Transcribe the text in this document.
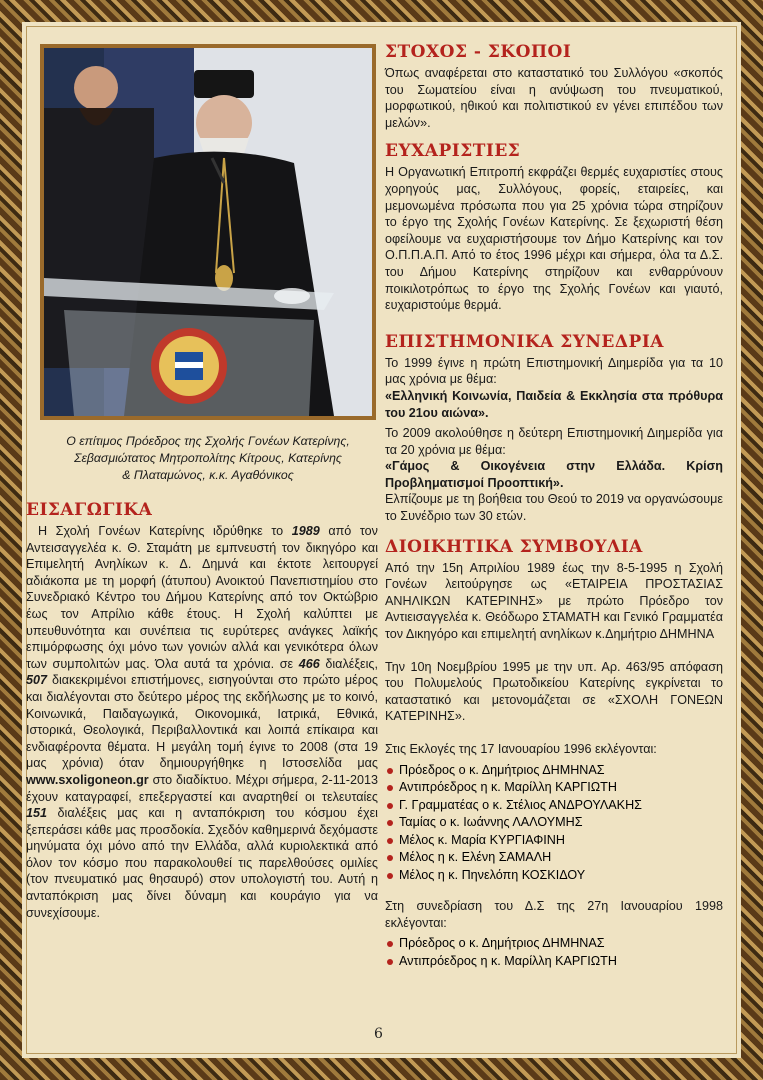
Ο επίτιμος Πρόεδρος της Σχολής Γονέων Κατερίνης,
Σεβασμιώτατος Μητροπολίτης Κίτρους, Κατερίνης
& Πλαταμώνος, κ.κ. Αγαθόνικος
ΕΙΣΑΓΩΓΙΚΑ

Η Σχολή Γονέων Κατερίνης ιδρύθηκε το 1989 από τον Αντεισαγγελέα κ. Θ. Σταμάτη με εμπνευστή τον δικηγόρο και Επιμελητή Ανηλίκων κ. Δ. Δημνά και έκτοτε λειτουργεί αδιάκοπα με τη μορφή (άτυπου) Ανοικτού Πανεπιστημίου στο Συνεδριακό Κέντρο του Δήμου Κατερίνης από τον Οκτώβριο έως τον Απρίλιο κάθε έτους. Η Σχολή καλύπτει με υπευθυνότητα και συνέπεια τις ευρύτερες ανάγκες λαϊκής επιμόρφωσης όχι μόνο των γονιών αλλά και γενικότερα όλων των συμπολιτών μας. Όλα αυτά τα χρόνια. σε 466 διαλέξεις, 507 διακεκριμένοι επιστήμονες, εισηγούνται στο πρώτο μέρος και διαλέγονται στο δεύτερο μέρος της εκδήλωσης με το κοινό, Κοινωνικά, Παιδαγωγικά, Οικονομικά, Ιατρικά, Εθνικά, Ιστορικά, Θεολογικά, Περιβαλλοντικά και λοιπά επίκαιρα και ενδιαφέροντα θέματα. Η μεγάλη τομή έγινε το 2008 (στα 19 μας χρόνια) όταν δημιουργήθηκε η Ιστοσελίδα μας www.sxoligoneon.gr στο διαδίκτυο. Μέχρι σήμερα, 2-11-2013 έχουν καταγραφεί, επεξεργαστεί και αναρτηθεί οι τελευταίες 151 διαλέξεις μας και η ανταπόκριση του κόσμου έχει ξεπεράσει κάθε μας προσδοκία. Σχεδόν καθημερινά δεχόμαστε μηνύματα όχι μόνο από την Ελλάδα, αλλά κυριολεκτικά από όλον τον κόσμο που παρακολουθεί τις παρελθούσες ομιλίες (τον πνευματικό μας θησαυρό) στον υπολογιστή του. Αυτή η ανταπόκριση μας δίνει δύναμη και κουράγιο για να συνεχίσουμε.

ΣΤΟΧΟΣ - ΣΚΟΠΟΙ

Όπως αναφέρεται στο καταστατικό του Συλλόγου «σκοπός του Σωματείου είναι η ανύψωση του πνευματικού, μορφωτικού, ηθικού και πολιτιστικού εν γένει επιπέδου των μελών».

ΕΥΧΑΡΙΣΤΙΕΣ

Η Οργανωτική Επιτροπή εκφράζει θερμές ευχαριστίες στους χορηγούς μας, Συλλόγους, φορείς, εταιρείες, και μεμονωμένα πρόσωπα που για 25 χρόνια τώρα στηρίζουν το έργο της Σχολής Γονέων Κατερίνης. Σε ξεχωριστή θέση οφείλουμε να ευχαριστήσουμε τον Δήμο Κατερίνης και τον Ο.Π.Π.Α.Π. Από το έτος 1996 μέχρι και σήμερα, όλα τα Δ.Σ. του Δήμου Κατερίνης στηρίζουν και ενθαρρύνουν ποικιλοτρόπως το έργο της Σχολής Γονέων και γιαυτό, ευχαριστούμε θερμά.

ΕΠΙΣΤΗΜΟΝΙΚΑ ΣΥΝΕΔΡΙΑ

Το 1999 έγινε η πρώτη Επιστημονική Διημερίδα για τα 10 μας χρόνια με θέμα:

«Ελληνική Κοινωνία, Παιδεία & Εκκλησία στα πρόθυρα του 21ου αιώνα».

Το 2009 ακολούθησε η δεύτερη Επιστημονική Διημερίδα για τα 20 χρόνια με θέμα:

«Γάμος & Οικογένεια στην Ελλάδα. Κρίση Προβληματισμοί Προοπτική».

Ελπίζουμε με τη βοήθεια του Θεού το 2019 να οργανώσουμε το Συνέδριο των 30 ετών.

ΔΙΟΙΚΗΤΙΚΑ ΣΥΜΒΟΥΛΙΑ

Από την 15η Απριλίου 1989 έως την 8-5-1995 η Σχολή Γονέων λειτούργησε ως «ΕΤΑΙΡΕΙΑ ΠΡΟΣΤΑΣΙΑΣ ΑΝΗΛΙΚΩΝ ΚΑΤΕΡΙΝΗΣ» με πρώτο Πρόεδρο τον Αντιεισαγγελέα κ. Θεόδωρο ΣΤΑΜΑΤΗ και Γενικό Γραμματέα τον Δικηγόρο και επιμελητή ανηλίκων κ.Δημήτριο ΔΗΜΗΝΑ

Την 10η Νοεμβρίου 1995 με την υπ. Αρ. 463/95 απόφαση του Πολυμελούς Πρωτοδικείου Κατερίνης εγκρίνεται το καταστατικό και μετονομάζεται σε «ΣΧΟΛΗ ΓΟΝΕΩΝ ΚΑΤΕΡΙΝΗΣ».

Στις Εκλογές της 17 Ιανουαρίου 1996 εκλέγονται:

Πρόεδρος ο κ. Δημήτριος ΔΗΜΗΝΑΣ
Αντιπρόεδρος η κ. Μαρίλλη ΚΑΡΓΙΩΤΗ
Γ. Γραμματέας ο κ. Στέλιος ΑΝΔΡΟΥΛΑΚΗΣ
Ταμίας ο κ. Ιωάννης ΛΑΛΟΥΜΗΣ
Μέλος κ. Μαρία ΚΥΡΓΙΑΦΙΝΗ
Μέλος η κ. Ελένη ΣΑΜΑΛΗ
Μέλος η κ. Πηνελόπη ΚΟΣΚΙΔΟΥ

Στη συνεδρίαση του Δ.Σ της 27η Ιανουαρίου 1998 εκλέγονται:

Πρόεδρος ο κ. Δημήτριος ΔΗΜΗΝΑΣ
Αντιπρόεδρος η κ. Μαρίλλη ΚΑΡΓΙΩΤΗ
6
